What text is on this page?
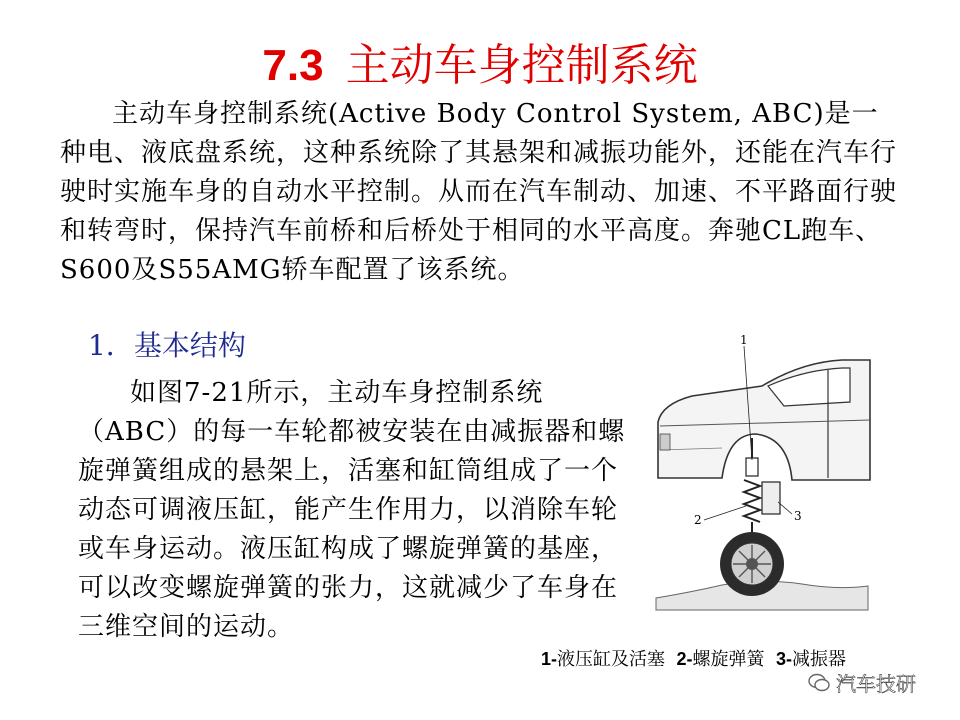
7.3 主动车身控制系统
主动车身控制系统(Active Body Control System, ABC)是一种电、液底盘系统，这种系统除了其悬架和减振功能外，还能在汽车行驶时实施车身的自动水平控制。从而在汽车制动、加速、不平路面行驶和转弯时，保持汽车前桥和后桥处于相同的水平高度。奔驰CL跑车、S600及S55AMG轿车配置了该系统。
1．基本结构
如图7-21所示，主动车身控制系统（ABC）的每一车轮都被安装在由减振器和螺旋弹簧组成的悬架上，活塞和缸筒组成了一个动态可调液压缸，能产生作用力，以消除车轮或车身运动。液压缸构成了螺旋弹簧的基座，可以改变螺旋弹簧的张力，这就减少了车身在三维空间的运动。
1
2	3
1-液压缸及活塞 2-螺旋弹簧 3-减振器
汽车技研
